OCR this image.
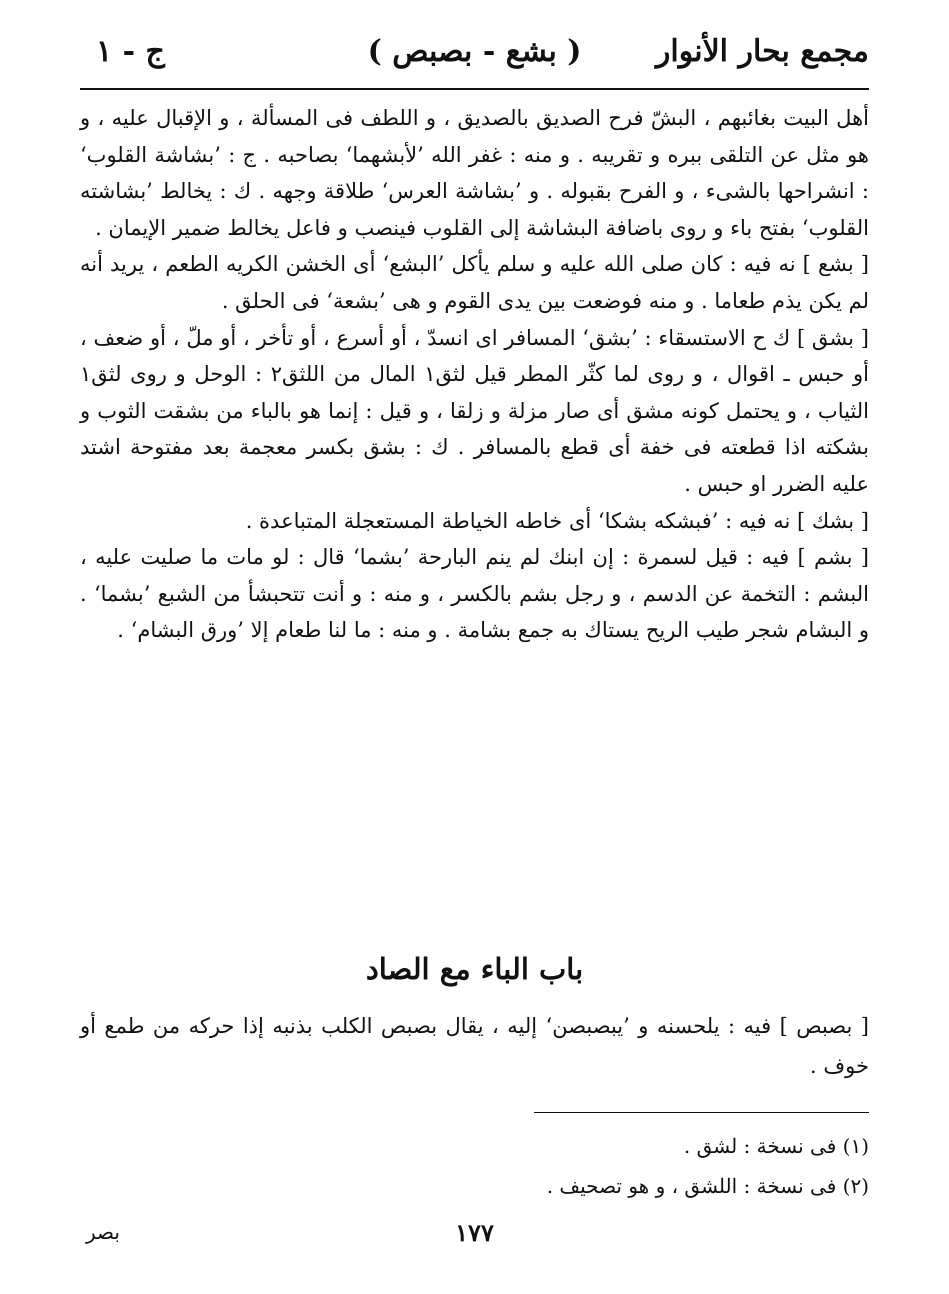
مجمع بحار الأنوار
( بشع - بصبص )
ج - ١

أهل البيت بغائبهم ، البشّ فرح الصديق بالصديق ، و اللطف فى المسألة ، و الإقبال عليه ، و هو مثل عن التلقى ببره و تقريبه . و منه : غفر الله ’لأبشهما‘ بصاحبه . ج : ’بشاشة القلوب‘ : انشراحها بالشىء ، و الفرح بقبوله . و ’بشاشة العرس‘ طلاقة وجهه . ك : يخالط ’بشاشته القلوب‘ بفتح باء و روى باضافة البشاشة إلى القلوب فينصب و فاعل يخالط ضمير الإيمان .

[ بشع ] نه فيه : كان صلى الله عليه و سلم يأكل ’البشع‘ أى الخشن الكريه الطعم ، يريد أنه لم يكن يذم طعاما . و منه فوضعت بين يدى القوم و هى ’بشعة‘ فى الحلق .

[ بشق ] ك ح الاستسقاء : ’بشق‘ المسافر اى انسدّ ، أو أسرع ، أو تأخر ، أو ملّ ، أو ضعف ، أو حبس ـ اقوال ، و روى لما كثّر المطر قيل لثق١ المال من اللثق٢ : الوحل و روى لثق١ الثياب ، و يحتمل كونه مشق أى صار مزلة و زلقا ، و قيل : إنما هو بالباء من بشقت الثوب و بشكته اذا قطعته فى خفة أى قطع بالمسافر . ك : بشق بكسر معجمة بعد مفتوحة اشتد عليه الضرر او حبس .

[ بشك ] نه فيه : ’فبشكه بشكا‘ أى خاطه الخياطة المستعجلة المتباعدة .

[ بشم ] فيه : قيل لسمرة : إن ابنك لم ينم البارحة ’بشما‘ قال : لو مات ما صليت عليه ، البشم : التخمة عن الدسم ، و رجل بشم بالكسر ، و منه : و أنت تتحبشأ من الشبع ’بشما‘ . و البشام شجر طيب الريح يستاك به جمع بشامة . و منه : ما لنا طعام إلا ’ورق البشام‘ .

باب الباء مع الصاد

[ بصبص ] فيه : يلحسنه و ’يبصبصن‘ إليه ، يقال بصبص الكلب بذنبه إذا حركه من طمع أو خوف .

(١) فى نسخة : لشق .
(٢) فى نسخة : اللشق ، و هو تصحيف .
١٧٧
بصر
